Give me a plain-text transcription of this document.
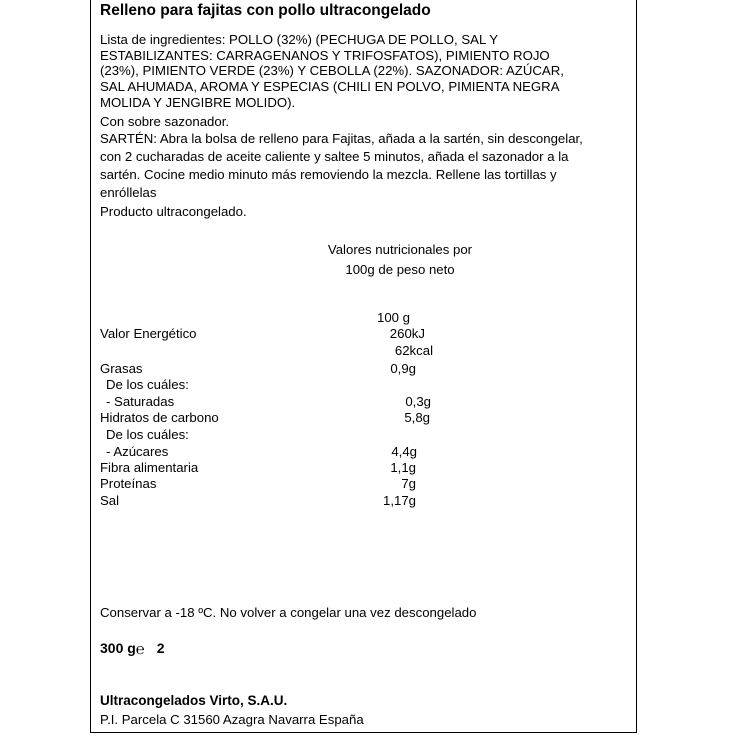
Relleno para fajitas con pollo ultracongelado
Lista de ingredientes: POLLO (32%) (PECHUGA DE POLLO, SAL Y
ESTABILIZANTES: CARRAGENANOS Y TRIFOSFATOS), PIMIENTO ROJO
(23%), PIMIENTO VERDE (23%) Y CEBOLLA (22%). SAZONADOR: AZÚCAR,
SAL AHUMADA, AROMA Y ESPECIAS (CHILI EN POLVO, PIMIENTA NEGRA
MOLIDA Y JENGIBRE MOLIDO).
Con sobre sazonador.
SARTÉN: Abra la bolsa de relleno para Fajitas, añada a la sartén, sin descongelar,
con 2 cucharadas de aceite caliente y saltee 5 minutos, añada el sazonador a la
sartén. Cocine medio minuto más removiendo la mezcla. Rellene las tortillas y
enróllelas
Producto ultracongelado.
Valores nutricionales por
100g de peso neto
100 g
Valor Energético	260kJ
62kcal
Grasas	0,9g
De los cuáles:
- Saturadas	0,3g
Hidratos de carbono	5,8g
De los cuáles:
- Azúcares	4,4g
Fibra alimentaria	1,1g
Proteínas	7g
Sal	1,17g
Conservar a -18 ºC. No volver a congelar una vez descongelado
300 g℮ 2
Ultracongelados Virto, S.A.U.
P.I. Parcela C 31560 Azagra Navarra España
